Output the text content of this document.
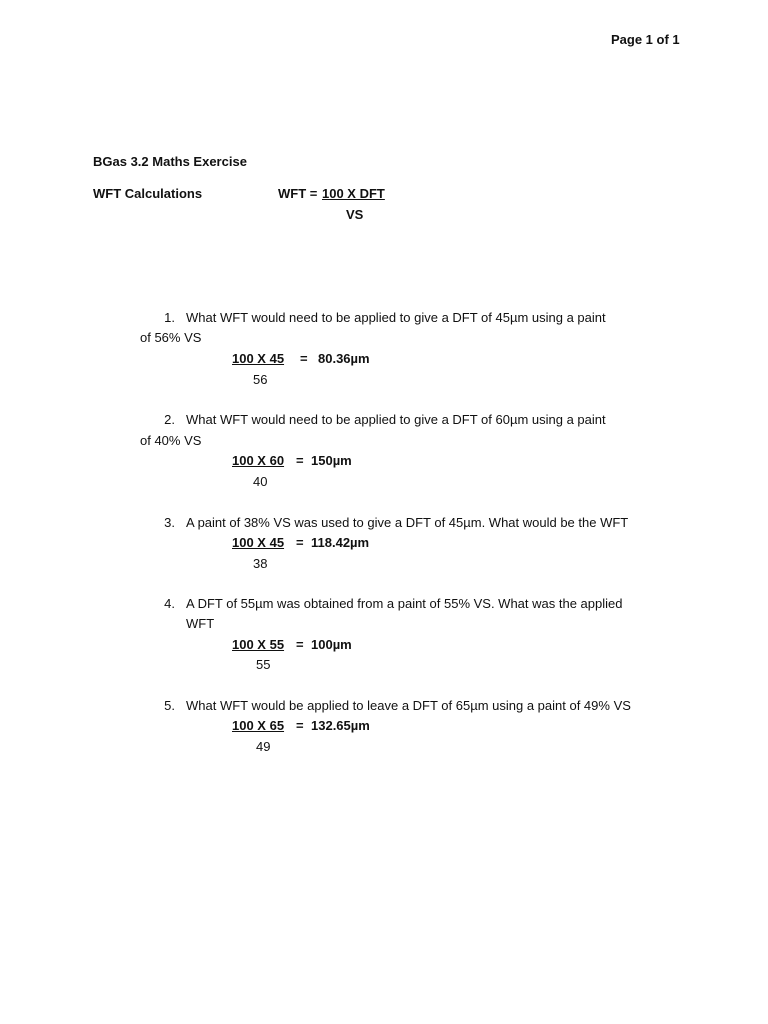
Page 1 of 1
BGas 3.2 Maths Exercise
WFT Calculations	WFT = 100 X DFT
VS
1. What WFT would need to be applied to give a DFT of 45µm using a paint
of 56% VS
100 X 45 = 80.36µm
56
2. What WFT would need to be applied to give a DFT of 60µm using a paint
of 40% VS
100 X 60 = 150µm
40
3. A paint of 38% VS was used to give a DFT of 45µm. What would be the WFT
100 X 45 = 118.42µm
38
4. A DFT of 55µm was obtained from a paint of 55% VS. What was the applied
WFT
100 X 55 = 100µm
55
5. What WFT would be applied to leave a DFT of 65µm using a paint of 49% VS
100 X 65 = 132.65µm
49
